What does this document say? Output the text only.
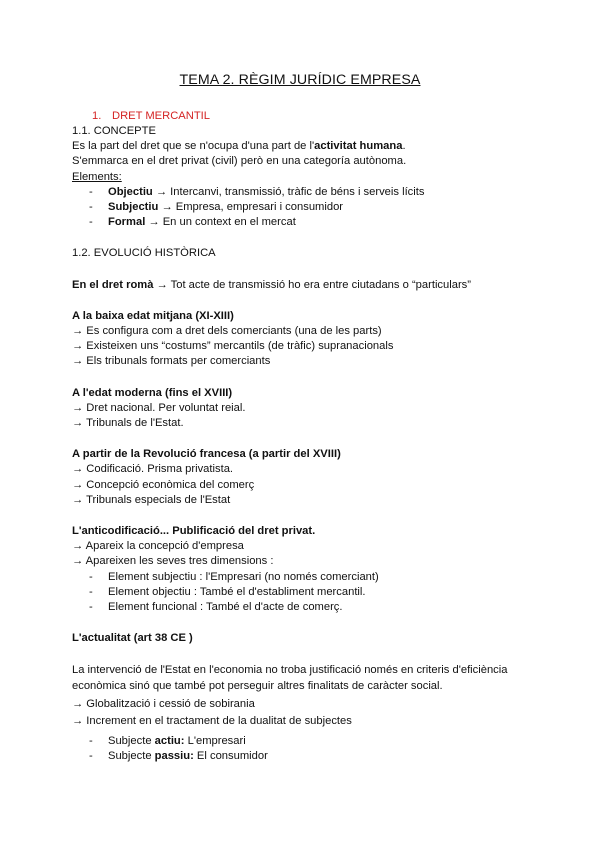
TEMA 2. RÈGIM JURÍDIC EMPRESA
1. DRET MERCANTIL
1.1. CONCEPTE
Es la part del dret que se n'ocupa d'una part de l'activitat humana.
S'emmarca en el dret privat (civil) però en una categoría autònoma.
Elements:
- Objectiu → Intercanvi, transmissió, tràfic de béns i serveis lícits
- Subjectiu → Empresa, empresari i consumidor
- Formal → En un context en el mercat
1.2. EVOLUCIÓ HISTÒRICA
En el dret romà → Tot acte de transmissió ho era entre ciutadans o “particulars”
A la baixa edat mitjana (XI-XIII)
→ Es configura com a dret dels comerciants (una de les parts)
→ Existeixen uns “costums” mercantils (de tràfic) supranacionals
→ Els tribunals formats per comerciants
A l'edat moderna (fins el XVIII)
→ Dret nacional. Per voluntat reial.
→ Tribunals de l'Estat.
A partir de la Revolució francesa (a partir del XVIII)
→ Codificació. Prisma privatista.
→ Concepció econòmica del comerç
→ Tribunals especials de l'Estat
L'anticodificació... Publificació del dret privat.
→ Apareix la concepció d'empresa
→ Apareixen les seves tres dimensions :
- Element subjectiu : l'Empresari (no només comerciant)
- Element objectiu : També el d'establiment mercantil.
- Element funcional : També el d'acte de comerç.
L'actualitat (art 38 CE )
La intervenció de l'Estat en l'economia no troba justificació només en criteris d'eficiència
econòmica sinó que també pot perseguir altres finalitats de caràcter social.
→ Globalització i cessió de sobirania
→ Increment en el tractament de la dualitat de subjectes
- Subjecte actiu: L'empresari
- Subjecte passiu: El consumidor
